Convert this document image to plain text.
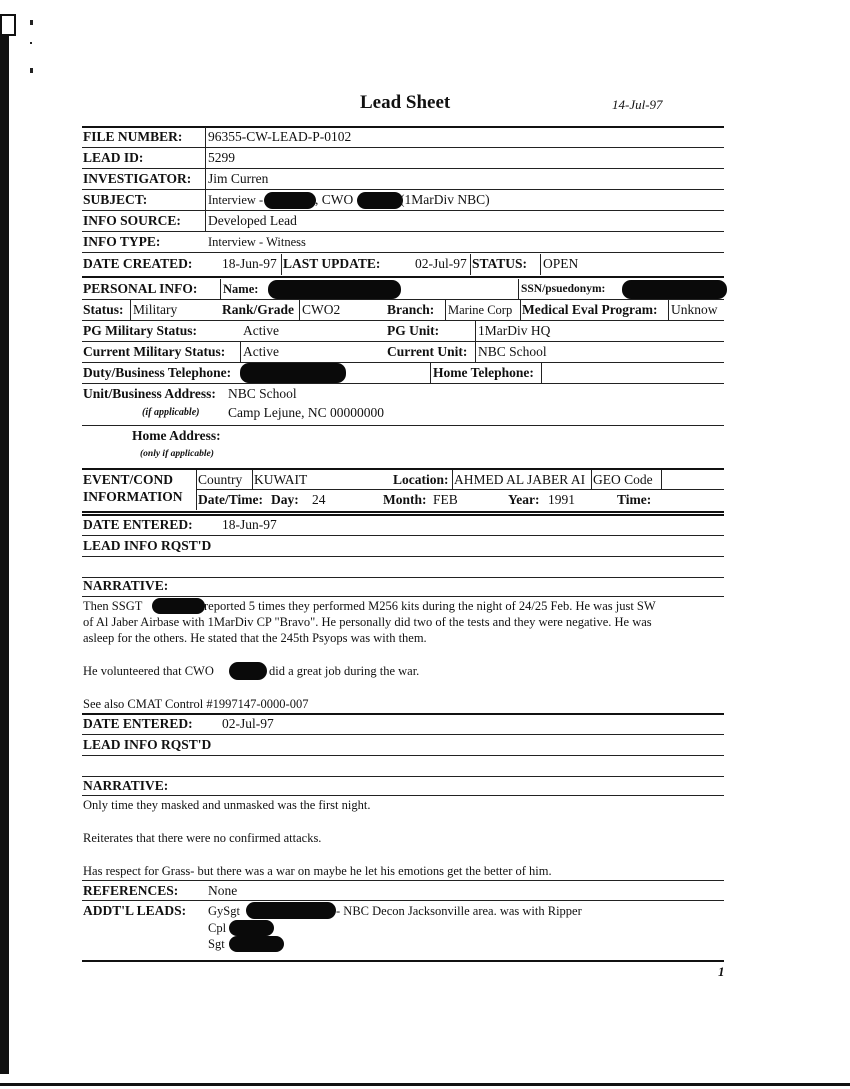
Lead Sheet	14-Jul-97
FILE NUMBER: 96355-CW-LEAD-P-0102
LEAD ID:	5299
INVESTIGATOR: Jim Curren
SUBJECT:	Interview -	, CWO	(1MarDiv NBC)
INFO SOURCE: Developed Lead
INFO TYPE:	Interview - Witness
DATE CREATED: 18-Jun-97 LAST UPDATE:	02-Jul-97 STATUS: OPEN
PERSONAL INFO: Name:	SSN/psuedonym:
Status: Military	Rank/Grade CWO2	Branch: Marine Corp Medical Eval Program: Unknow
PG Military Status:	Active	PG Unit:	1MarDiv HQ
Current Military Status: Active	Current Unit: NBC School
Duty/Business Telephone:	Home Telephone:
Unit/Business Address: NBC School
(if applicable) Camp Lejune, NC 00000000
Home Address:
(only if applicable)
EVENT/COND
INFORMATION
Country KUWAIT	Location: AHMED AL JABER AI GEO Code
Date/Time: Day: 24	Month: FEB	Year: 1991	Time:
DATE ENTERED: 18-Jun-97
LEAD INFO RQST'D
NARRATIVE:
Then SSGT	reported 5 times they performed M256 kits during the night of 24/25 Feb. He was just SW
of Al Jaber Airbase with 1MarDiv CP "Bravo". He personally did two of the tests and they were negative. He was
asleep for the others. He stated that the 245th Psyops was with them.
He volunteered that CWO	did a great job during the war.
See also CMAT Control #1997147-0000-007
DATE ENTERED: 02-Jul-97
LEAD INFO RQST'D
NARRATIVE:
Only time they masked and unmasked was the first night.
Reiterates that there were no confirmed attacks.
Has respect for Grass- but there was a war on maybe he let his emotions get the better of him.
REFERENCES: None
ADDT'L LEADS: GySgt	- NBC Decon Jacksonville area. was with Ripper
Cpl
Sgt
1
